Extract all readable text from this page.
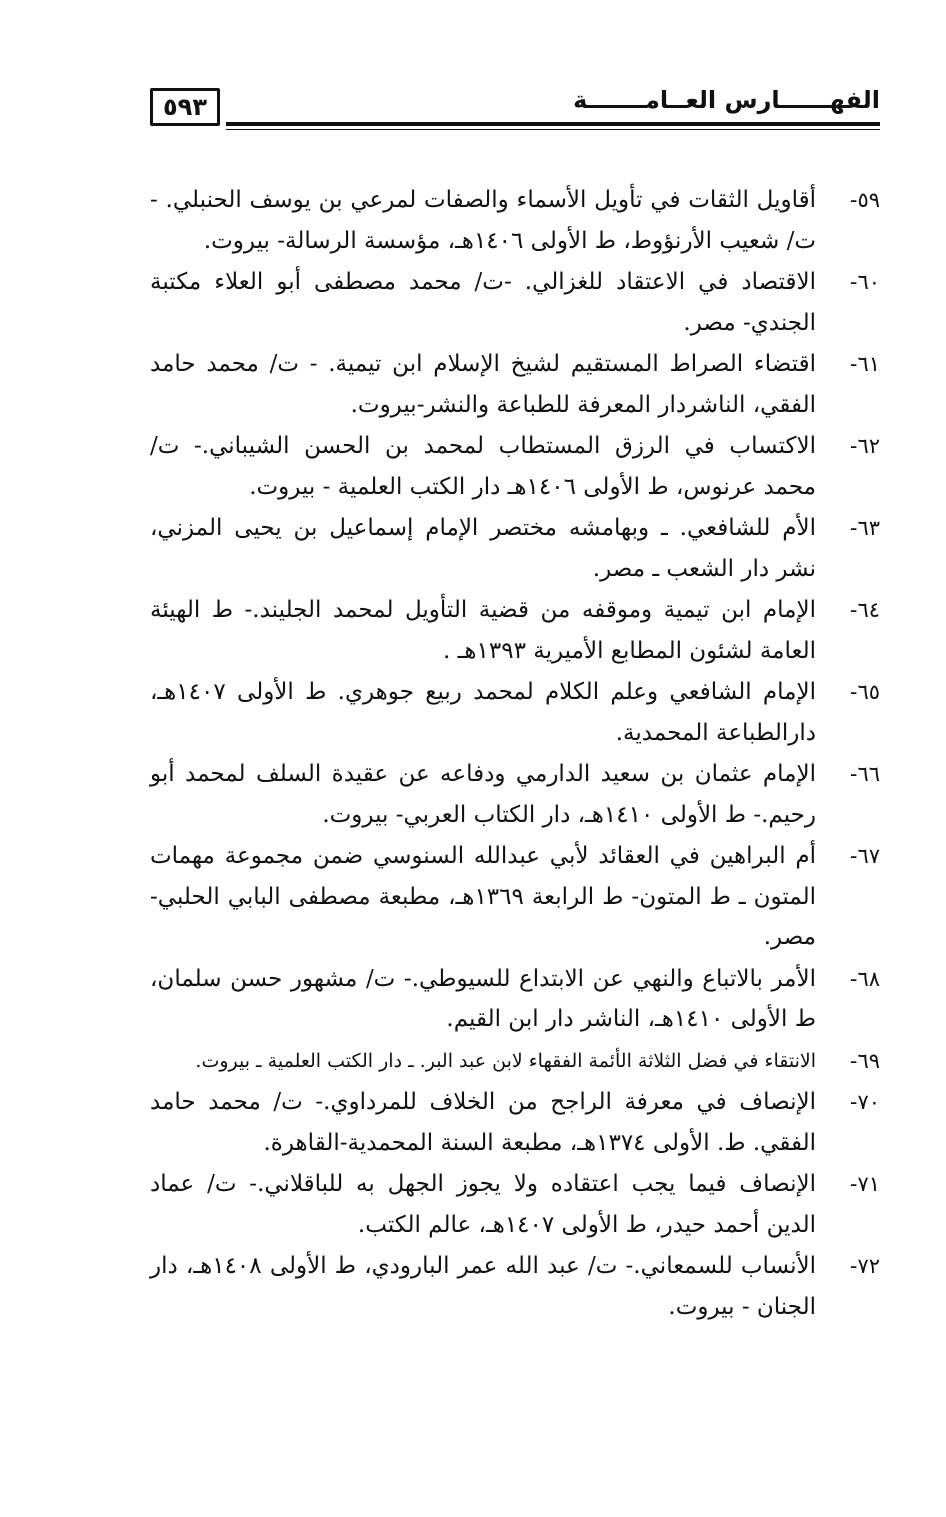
٥٩٣	الفهــــــارس العــامـــــــة
٥٩-
أقاويل الثقات في تأويل الأسماء والصفات لمرعي بن يوسف الحنبلي. - ت/ شعيب الأرنؤوط، ط الأولى ١٤٠٦هـ، مؤسسة الرسالة- بيروت.
٦٠-
الاقتصاد في الاعتقاد للغزالي. -ت/ محمد مصطفى أبو العلاء مكتبة الجندي- مصر.
٦١-
اقتضاء الصراط المستقيم لشيخ الإسلام ابن تيمية. - ت/ محمد حامد الفقي، الناشردار المعرفة للطباعة والنشر-بيروت.
٦٢-
الاكتساب في الرزق المستطاب لمحمد بن الحسن الشيباني.- ت/ محمد عرنوس، ط الأولى ١٤٠٦هـ دار الكتب العلمية - بيروت.
٦٣-
الأم للشافعي. ـ وبهامشه مختصر الإمام إسماعيل بن يحيى المزني، نشر دار الشعب ـ مصر.
٦٤-
الإمام ابن تيمية وموقفه من قضية التأويل لمحمد الجليند.- ط الهيئة العامة لشئون المطابع الأميرية ١٣٩٣هـ .
٦٥-
الإمام الشافعي وعلم الكلام لمحمد ربيع جوهري. ط الأولى ١٤٠٧هـ، دارالطباعة المحمدية.
٦٦-
الإمام عثمان بن سعيد الدارمي ودفاعه عن عقيدة السلف لمحمد أبو رحيم.- ط الأولى ١٤١٠هـ، دار الكتاب العربي- بيروت.
٦٧-
أم البراهين في العقائد لأبي عبدالله السنوسي ضمن مجموعة مهمات المتون ـ ط المتون- ط الرابعة ١٣٦٩هـ، مطبعة مصطفى البابي الحلبي- مصر.
٦٨-
الأمر بالاتباع والنهي عن الابتداع للسيوطي.- ت/ مشهور حسن سلمان، ط الأولى ١٤١٠هـ، الناشر دار ابن القيم.
٦٩-
الانتقاء في فضل الثلاثة الأئمة الفقهاء لابن عبد البر. ـ دار الكتب العلمية ـ بيروت.
٧٠-
الإنصاف في معرفة الراجح من الخلاف للمرداوي.- ت/ محمد حامد الفقي. ط. الأولى ١٣٧٤هـ، مطبعة السنة المحمدية-القاهرة.
٧١-
الإنصاف فيما يجب اعتقاده ولا يجوز الجهل به للباقلاني.- ت/ عماد الدين أحمد حيدر، ط الأولى ١٤٠٧هـ، عالم الكتب.
٧٢-
الأنساب للسمعاني.- ت/ عبد الله عمر البارودي، ط الأولى ١٤٠٨هـ، دار الجنان - بيروت.
